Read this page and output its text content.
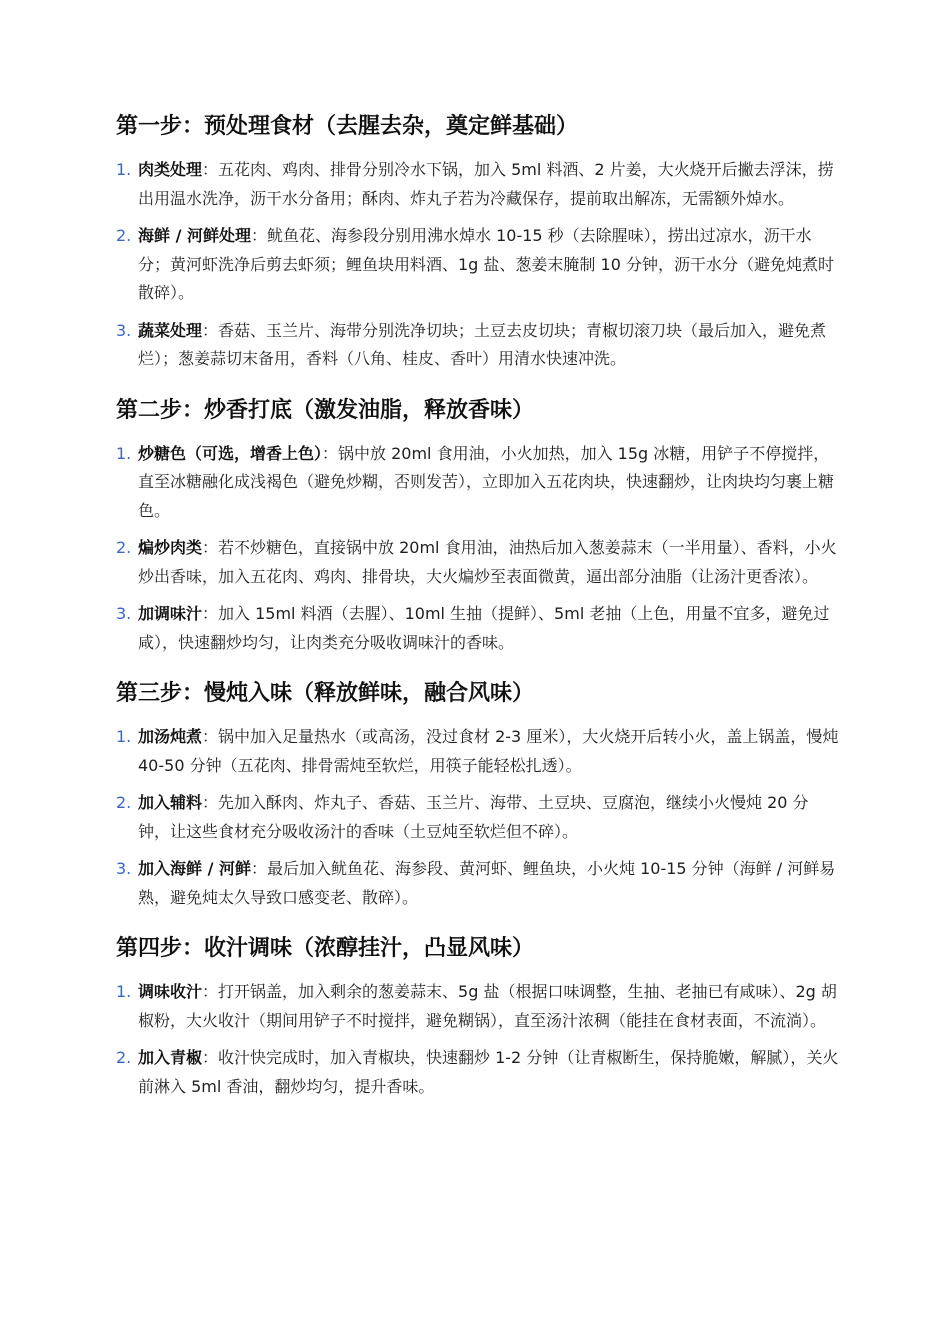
第一步：预处理食材（去腥去杂，奠定鲜基础）
1. 肉类处理：五花肉、鸡肉、排骨分别冷水下锅，加入 5ml 料酒、2 片姜，大火烧开后撇去浮沫，捞出用温水洗净，沥干水分备用；酥肉、炸丸子若为冷藏保存，提前取出解冻，无需额外焯水。
2. 海鲜 / 河鲜处理：鱿鱼花、海参段分别用沸水焯水 10-15 秒（去除腥味），捞出过凉水，沥干水分；黄河虾洗净后剪去虾须；鲤鱼块用料酒、1g 盐、葱姜末腌制 10 分钟，沥干水分（避免炖煮时散碎）。
3. 蔬菜处理：香菇、玉兰片、海带分别洗净切块；土豆去皮切块；青椒切滚刀块（最后加入，避免煮烂）；葱姜蒜切末备用，香料（八角、桂皮、香叶）用清水快速冲洗。
第二步：炒香打底（激发油脂，释放香味）
1. 炒糖色（可选，增香上色）：锅中放 20ml 食用油，小火加热，加入 15g 冰糖，用铲子不停搅拌，直至冰糖融化成浅褐色（避免炒糊，否则发苦），立即加入五花肉块，快速翻炒，让肉块均匀裹上糖色。
2. 煸炒肉类：若不炒糖色，直接锅中放 20ml 食用油，油热后加入葱姜蒜末（一半用量）、香料，小火炒出香味，加入五花肉、鸡肉、排骨块，大火煸炒至表面微黄，逼出部分油脂（让汤汁更香浓）。
3. 加调味汁：加入 15ml 料酒（去腥）、10ml 生抽（提鲜）、5ml 老抽（上色，用量不宜多，避免过咸），快速翻炒均匀，让肉类充分吸收调味汁的香味。
第三步：慢炖入味（释放鲜味，融合风味）
1. 加汤炖煮：锅中加入足量热水（或高汤，没过食材 2-3 厘米），大火烧开后转小火，盖上锅盖，慢炖 40-50 分钟（五花肉、排骨需炖至软烂，用筷子能轻松扎透）。
2. 加入辅料：先加入酥肉、炸丸子、香菇、玉兰片、海带、土豆块、豆腐泡，继续小火慢炖 20 分钟，让这些食材充分吸收汤汁的香味（土豆炖至软烂但不碎）。
3. 加入海鲜 / 河鲜：最后加入鱿鱼花、海参段、黄河虾、鲤鱼块，小火炖 10-15 分钟（海鲜 / 河鲜易熟，避免炖太久导致口感变老、散碎）。
第四步：收汁调味（浓醇挂汁，凸显风味）
1. 调味收汁：打开锅盖，加入剩余的葱姜蒜末、5g 盐（根据口味调整，生抽、老抽已有咸味）、2g 胡椒粉，大火收汁（期间用铲子不时搅拌，避免糊锅），直至汤汁浓稠（能挂在食材表面，不流淌）。
2. 加入青椒：收汁快完成时，加入青椒块，快速翻炒 1-2 分钟（让青椒断生，保持脆嫩，解腻），关火前淋入 5ml 香油，翻炒均匀，提升香味。
